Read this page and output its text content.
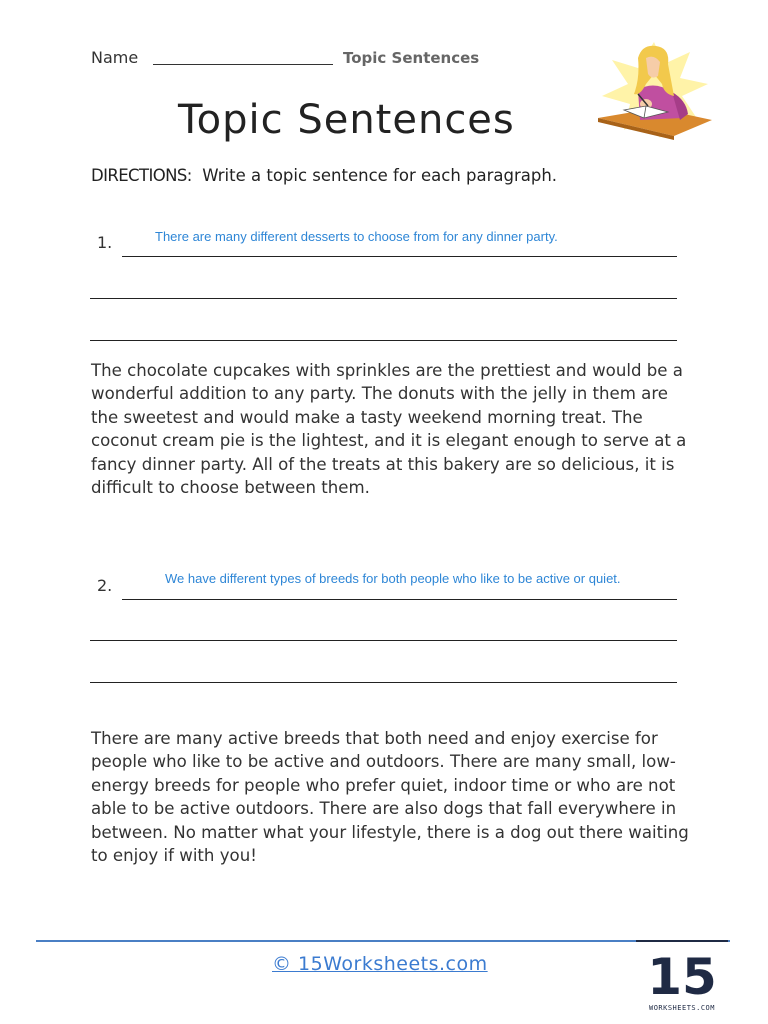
Name	Topic Sentences
Topic Sentences
DIRECTIONS: Write a topic sentence for each paragraph.
1.	There are many different desserts to choose from for any dinner party.

The chocolate cupcakes with sprinkles are the prettiest and would be a wonderful addition to any party. The donuts with the jelly in them are the sweetest and would make a tasty weekend morning treat. The coconut cream pie is the lightest, and it is elegant enough to serve at a fancy dinner party. All of the treats at this bakery are so delicious, it is difficult to choose between them.

2.	We have different types of breeds for both people who like to be active or quiet.

There are many active breeds that both need and enjoy exercise for people who like to be active and outdoors. There are many small, low-energy breeds for people who prefer quiet, indoor time or who are not able to be active outdoors. There are also dogs that fall everywhere in between. No matter what your lifestyle, there is a dog out there waiting to enjoy if with you!

© 15Worksheets.com	15
WORKSHEETS.COM
